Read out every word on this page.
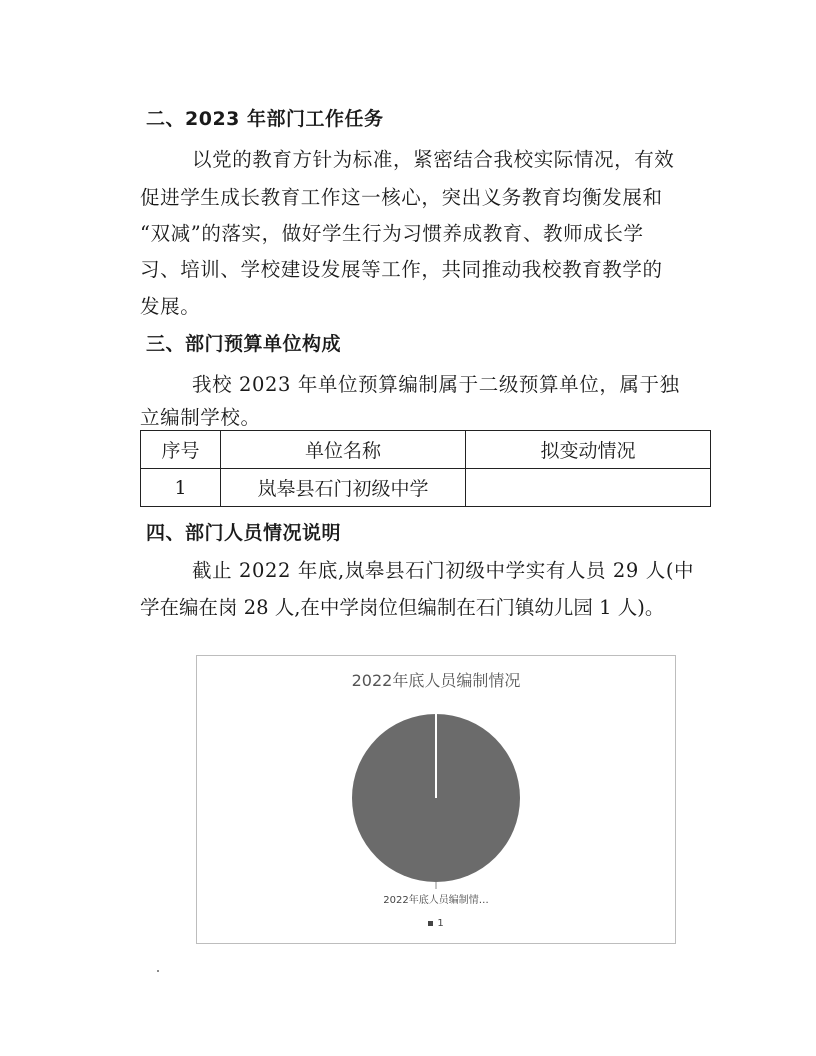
二、2023 年部门工作任务
以党的教育方针为标准，紧密结合我校实际情况，有效
促进学生成长教育工作这一核心，突出义务教育均衡发展和
“双减”的落实，做好学生行为习惯养成教育、教师成长学
习、培训、学校建设发展等工作，共同推动我校教育教学的
发展。
三、部门预算单位构成
我校 2023 年单位预算编制属于二级预算单位，属于独
立编制学校。
序号	单位名称	拟变动情况
1	岚皋县石门初级中学	
四、部门人员情况说明
截止 2022 年底,岚皋县石门初级中学实有人员 29 人(中
学在编在岗 28 人,在中学岗位但编制在石门镇幼儿园 1 人)。
2022年底人员编制情况
2022年底人员编制情…
1
